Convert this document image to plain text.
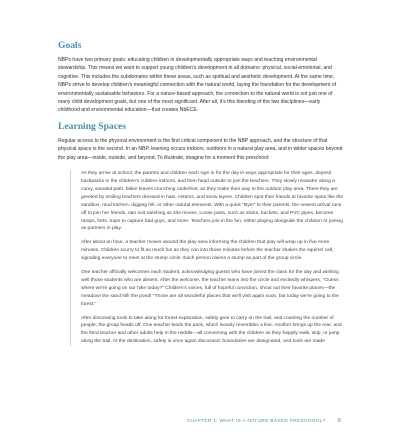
Goals

NBPs have two primary goals: educating children in developmentally appropriate ways and teaching environmental stewardship. This means we want to support young children's development in all domains: physical, social-emotional, and cognitive. This includes the subdomains within these areas, such as spiritual and aesthetic development. At the same time, NBPs strive to develop children's meaningful connection with the natural world, laying the foundation for the development of environmentally sustainable behaviors. For a nature-based approach, the connection to the natural world is not just one of many child development goals, but one of the most significant. After all, it's this blending of the two disciplines—early childhood and environmental education—that creates NbECE.

Learning Spaces

Regular access to the physical environment is the first critical component to the NBP approach, and the structure of that physical space is the second. In an NBP, learning occurs indoors, outdoors in a natural play area, and in wilder spaces beyond the play area—inside, outside, and beyond. To illustrate, imagine for a moment this preschool:

As they arrive at school, the parents and children each sign in for the day in ways appropriate for their ages, deposit backpacks in the children's cubbies indoors, and then head outside to join the teachers. They slowly meander along a curvy, wooded path, fallen leaves crunching underfoot, as they make their way to the outdoor play area. There they are greeted by smiling teachers dressed in hats, mittens, and snow layers. Children spot their friends at favorite spots like the sandbox, mud kitchen, digging hill, or other natural elements. With a quick "Bye!" to their parents, the newest arrival runs off to join her friends, rain suit swishing as she moves. Loose parts, such as sticks, buckets, and PVC pipes, become ramps, forts, traps to capture bad guys, and more. Teachers join in the fun, either playing alongside the children or joining as partners in play.

After about an hour, a teacher moves around the play area informing the children that play will wrap up in five more minutes. Children scurry to fit as much fun as they can into those minutes before the teacher shakes the squirrel call, signaling everyone to meet at the stump circle. Each person claims a stump as part of the group circle.

One teacher officially welcomes each student, acknowledging guests who have joined the class for the day and wishing well those students who are absent. After the welcome, the teacher leans into the circle and excitedly whispers, "Guess where we're going on our hike today?" Children's voices, full of hopeful conviction, shout out their favorite places—the meadow! the sand hill! the pond! "Those are all wonderful places that we'll visit again soon, but today we're going to the forest."

After discussing tools to take along for forest exploration, safety gear to carry on the trail, and counting the number of people, the group heads off. One teacher leads the pack, which loosely resembles a line. Another brings up the rear, and the third teacher and other adults help in the middle—all conversing with the children as they happily walk, skip, or jump along the trail. At the destination, safety is once again discussed; boundaries are designated, and tools are made

CHAPTER 1: WHAT IS A NATURE-BASED PRESCHOOL? 9
